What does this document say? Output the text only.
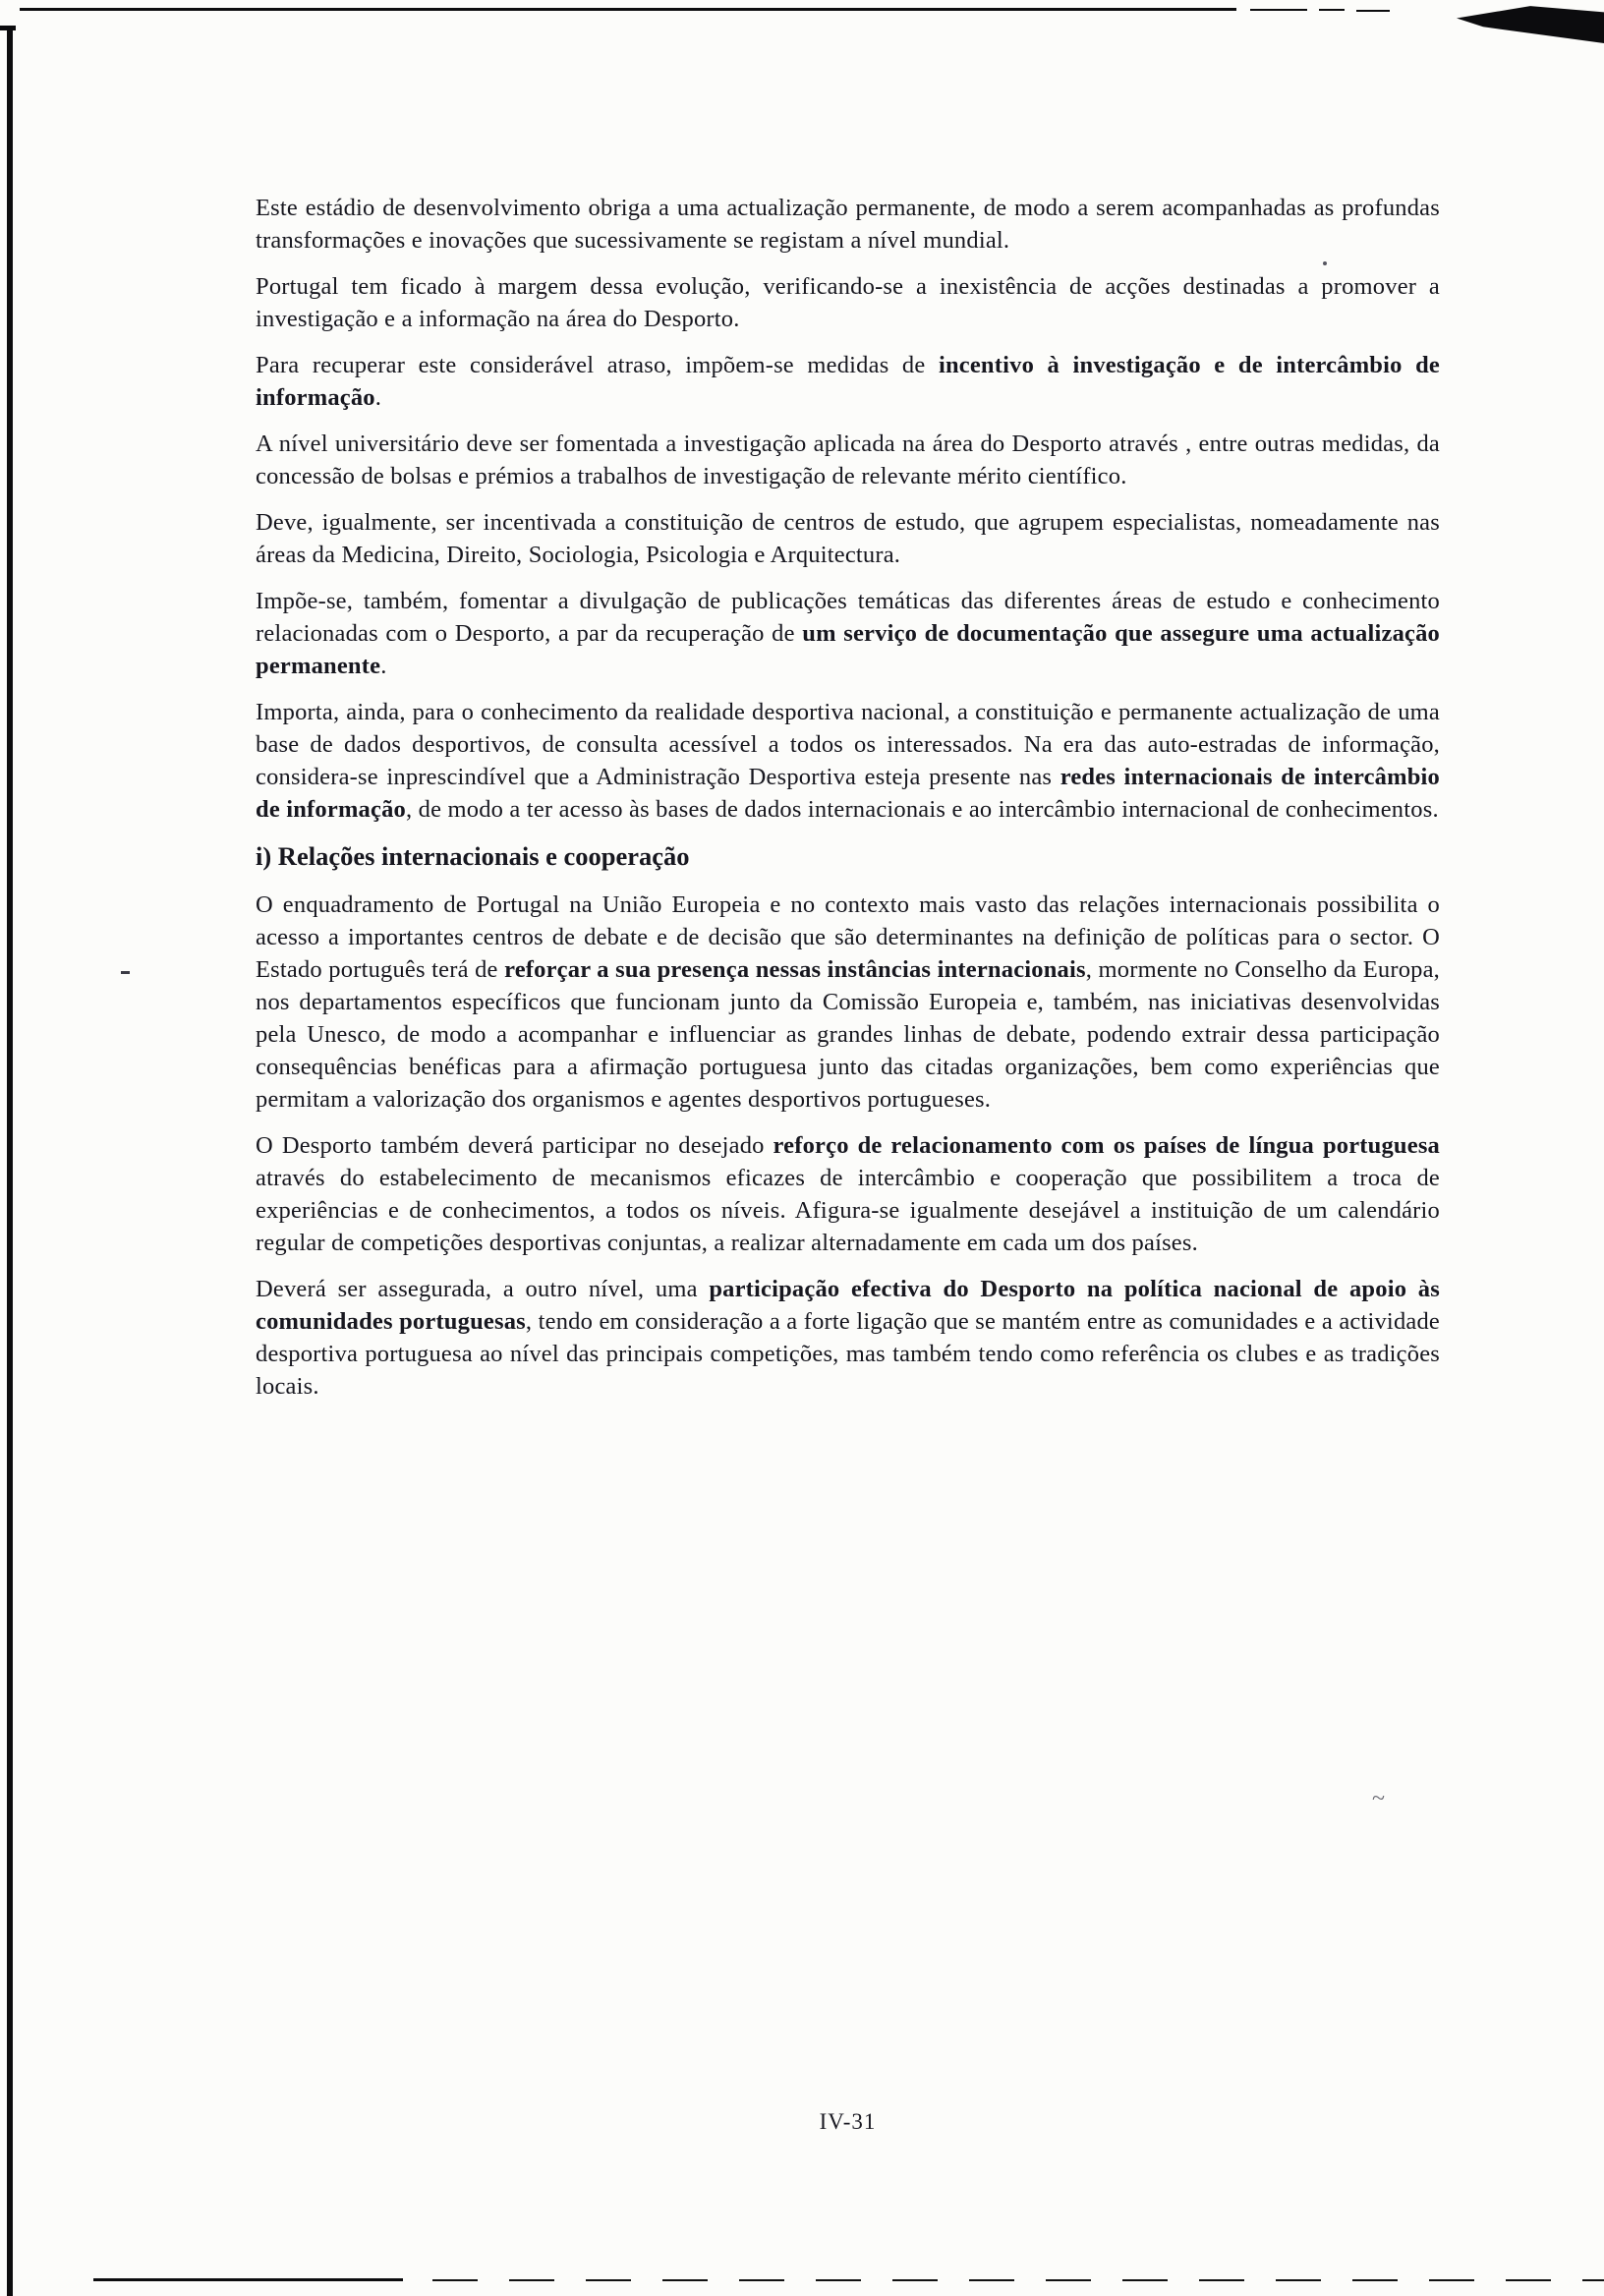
~

Este estádio de desenvolvimento obriga a uma actualização permanente, de modo a serem acompanhadas as profundas transformações e inovações que sucessivamente se registam a nível mundial.

Portugal tem ficado à margem dessa evolução, verificando-se a inexistência de acções destinadas a promover a investigação e a informação na área do Desporto.

Para recuperar este considerável atraso, impõem-se medidas de incentivo à investigação e de intercâmbio de informação.

A nível universitário deve ser fomentada a investigação aplicada na área do Desporto através , entre outras medidas, da concessão de bolsas e prémios a trabalhos de investigação de relevante mérito científico.

Deve, igualmente, ser incentivada a constituição de centros de estudo, que agrupem especialistas, nomeadamente nas áreas da Medicina, Direito, Sociologia, Psicologia e Arquitectura.

Impõe-se, também, fomentar a divulgação de publicações temáticas das diferentes áreas de estudo e conhecimento relacionadas com o Desporto, a par da recuperação de um serviço de documentação que assegure uma actualização permanente.

Importa, ainda, para o conhecimento da realidade desportiva nacional, a constituição e permanente actualização de uma base de dados desportivos, de consulta acessível a todos os interessados. Na era das auto-estradas de informação, considera-se inprescindível que a Administração Desportiva esteja presente nas redes internacionais de intercâmbio de informação, de modo a ter acesso às bases de dados internacionais e ao intercâmbio internacional de conhecimentos.

i) Relações internacionais e cooperação

O enquadramento de Portugal na União Europeia e no contexto mais vasto das relações internacionais possibilita o acesso a importantes centros de debate e de decisão que são determinantes na definição de políticas para o sector. O Estado português terá de reforçar a sua presença nessas instâncias internacionais, mormente no Conselho da Europa, nos departamentos específicos que funcionam junto da Comissão Europeia e, também, nas iniciativas desenvolvidas pela Unesco, de modo a acompanhar e influenciar as grandes linhas de debate, podendo extrair dessa participação consequências benéficas para a afirmação portuguesa junto das citadas organizações, bem como experiências que permitam a valorização dos organismos e agentes desportivos portugueses.

O Desporto também deverá participar no desejado reforço de relacionamento com os países de língua portuguesa através do estabelecimento de mecanismos eficazes de intercâmbio e cooperação que possibilitem a troca de experiências e de conhecimentos, a todos os níveis. Afigura-se igualmente desejável a instituição de um calendário regular de competições desportivas conjuntas, a realizar alternadamente em cada um dos países.

Deverá ser assegurada, a outro nível, uma participação efectiva do Desporto na política nacional de apoio às comunidades portuguesas, tendo em consideração a a forte ligação que se mantém entre as comunidades e a actividade desportiva portuguesa ao nível das principais competições, mas também tendo como referência os clubes e as tradições locais.

IV-31
